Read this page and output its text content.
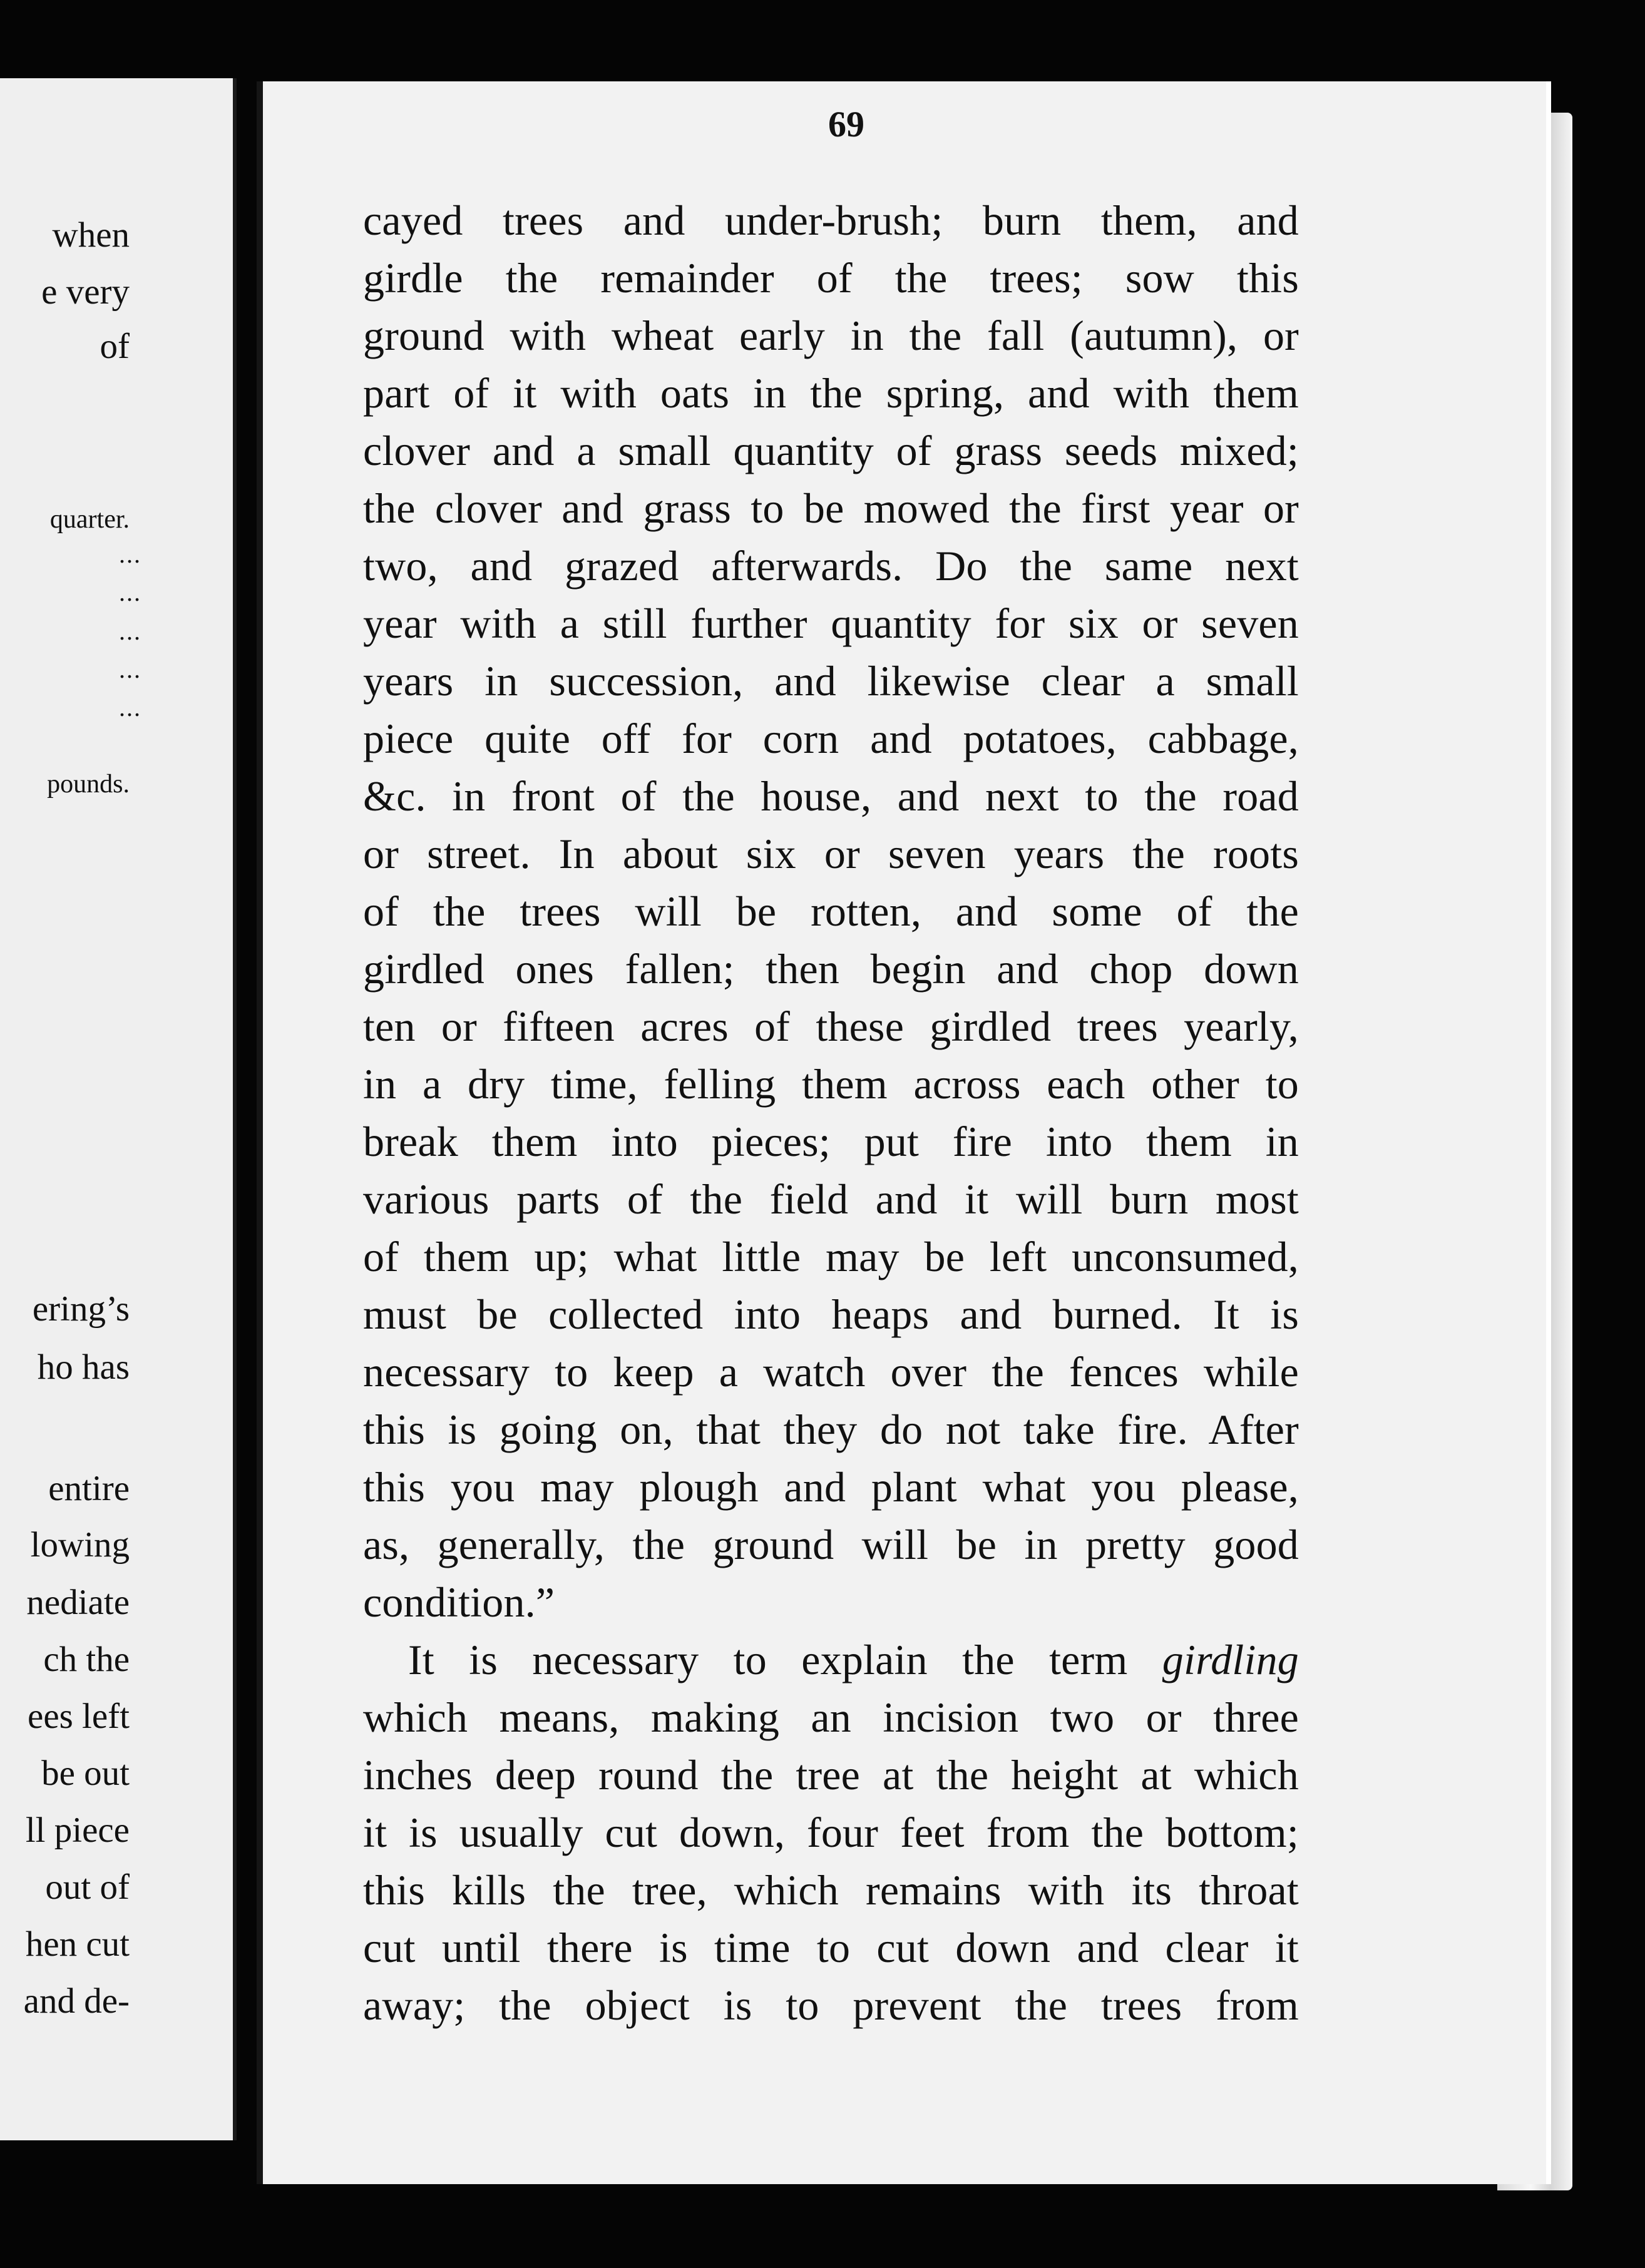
when
e very
of
quarter.
...
...
...
...
...
pounds.
ering’s
ho has
entire
lowing
nediate
ch the
ees left
be out
ll piece
out of
hen cut
and de-
69
cayed trees and under-brush; burn them, and
girdle the remainder of the trees; sow this
ground with wheat early in the fall (autumn), or
part of it with oats in the spring, and with them
clover and a small quantity of grass seeds mixed;
the clover and grass to be mowed the first year or
two, and grazed afterwards. Do the same next
year with a still further quantity for six or seven
years in succession, and likewise clear a small
piece quite off for corn and potatoes, cabbage,
&c. in front of the house, and next to the road
or street. In about six or seven years the roots
of the trees will be rotten, and some of the
girdled ones fallen; then begin and chop down
ten or fifteen acres of these girdled trees yearly,
in a dry time, felling them across each other to
break them into pieces; put fire into them in
various parts of the field and it will burn most
of them up; what little may be left unconsumed,
must be collected into heaps and burned. It is
necessary to keep a watch over the fences while
this is going on, that they do not take fire. After
this you may plough and plant what you please,
as, generally, the ground will be in pretty good
condition.”
It is necessary to explain the term girdling
which means, making an incision two or three
inches deep round the tree at the height at which
it is usually cut down, four feet from the bottom;
this kills the tree, which remains with its throat
cut until there is time to cut down and clear it
away; the object is to prevent the trees from
